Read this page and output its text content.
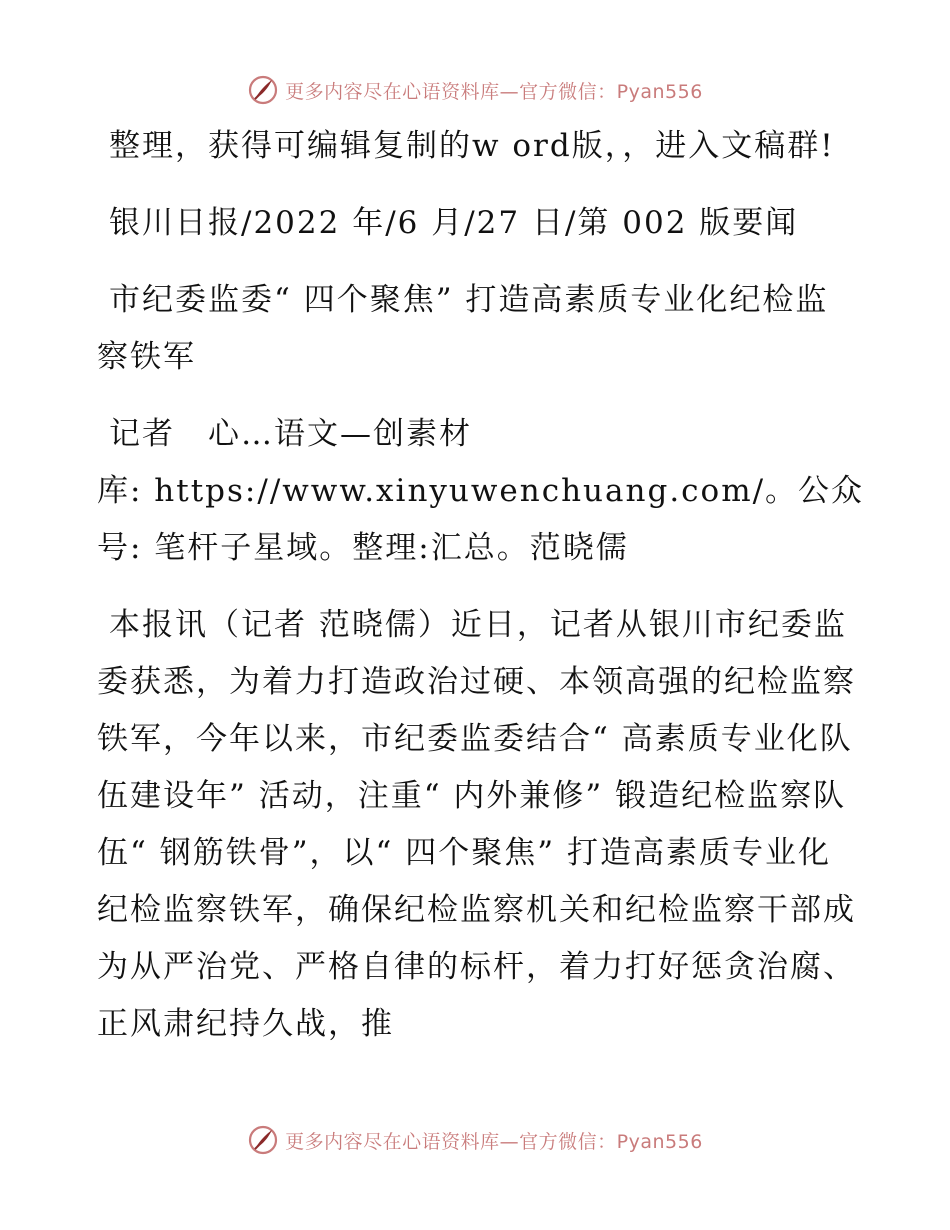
更多内容尽在心语资料库—官方微信：Pyan556

整理，获得可编辑复制的w ord版，，进入文稿群!

银川日报/2022 年/6 月/27 日/第 002 版要闻

市纪委监委“ 四个聚焦” 打造高素质专业化纪检监察铁军

记者　心…语文—创素材
库: https://www.xinyuwenchuang.com/。公众
号: 笔杆子星域。整理:汇总。范晓儒

本报讯（记者 范晓儒）近日，记者从银川市纪委监委获悉，为着力打造政治过硬、本领高强的纪检监察铁军，今年以来，市纪委监委结合“ 高素质专业化队伍建设年” 活动，注重“ 内外兼修” 锻造纪检监察队伍“ 钢筋铁骨”，以“ 四个聚焦” 打造高素质专业化纪检监察铁军，确保纪检监察机关和纪检监察干部成为从严治党、严格自律的标杆，着力打好惩贪治腐、正风肃纪持久战，推

更多内容尽在心语资料库—官方微信：Pyan556
